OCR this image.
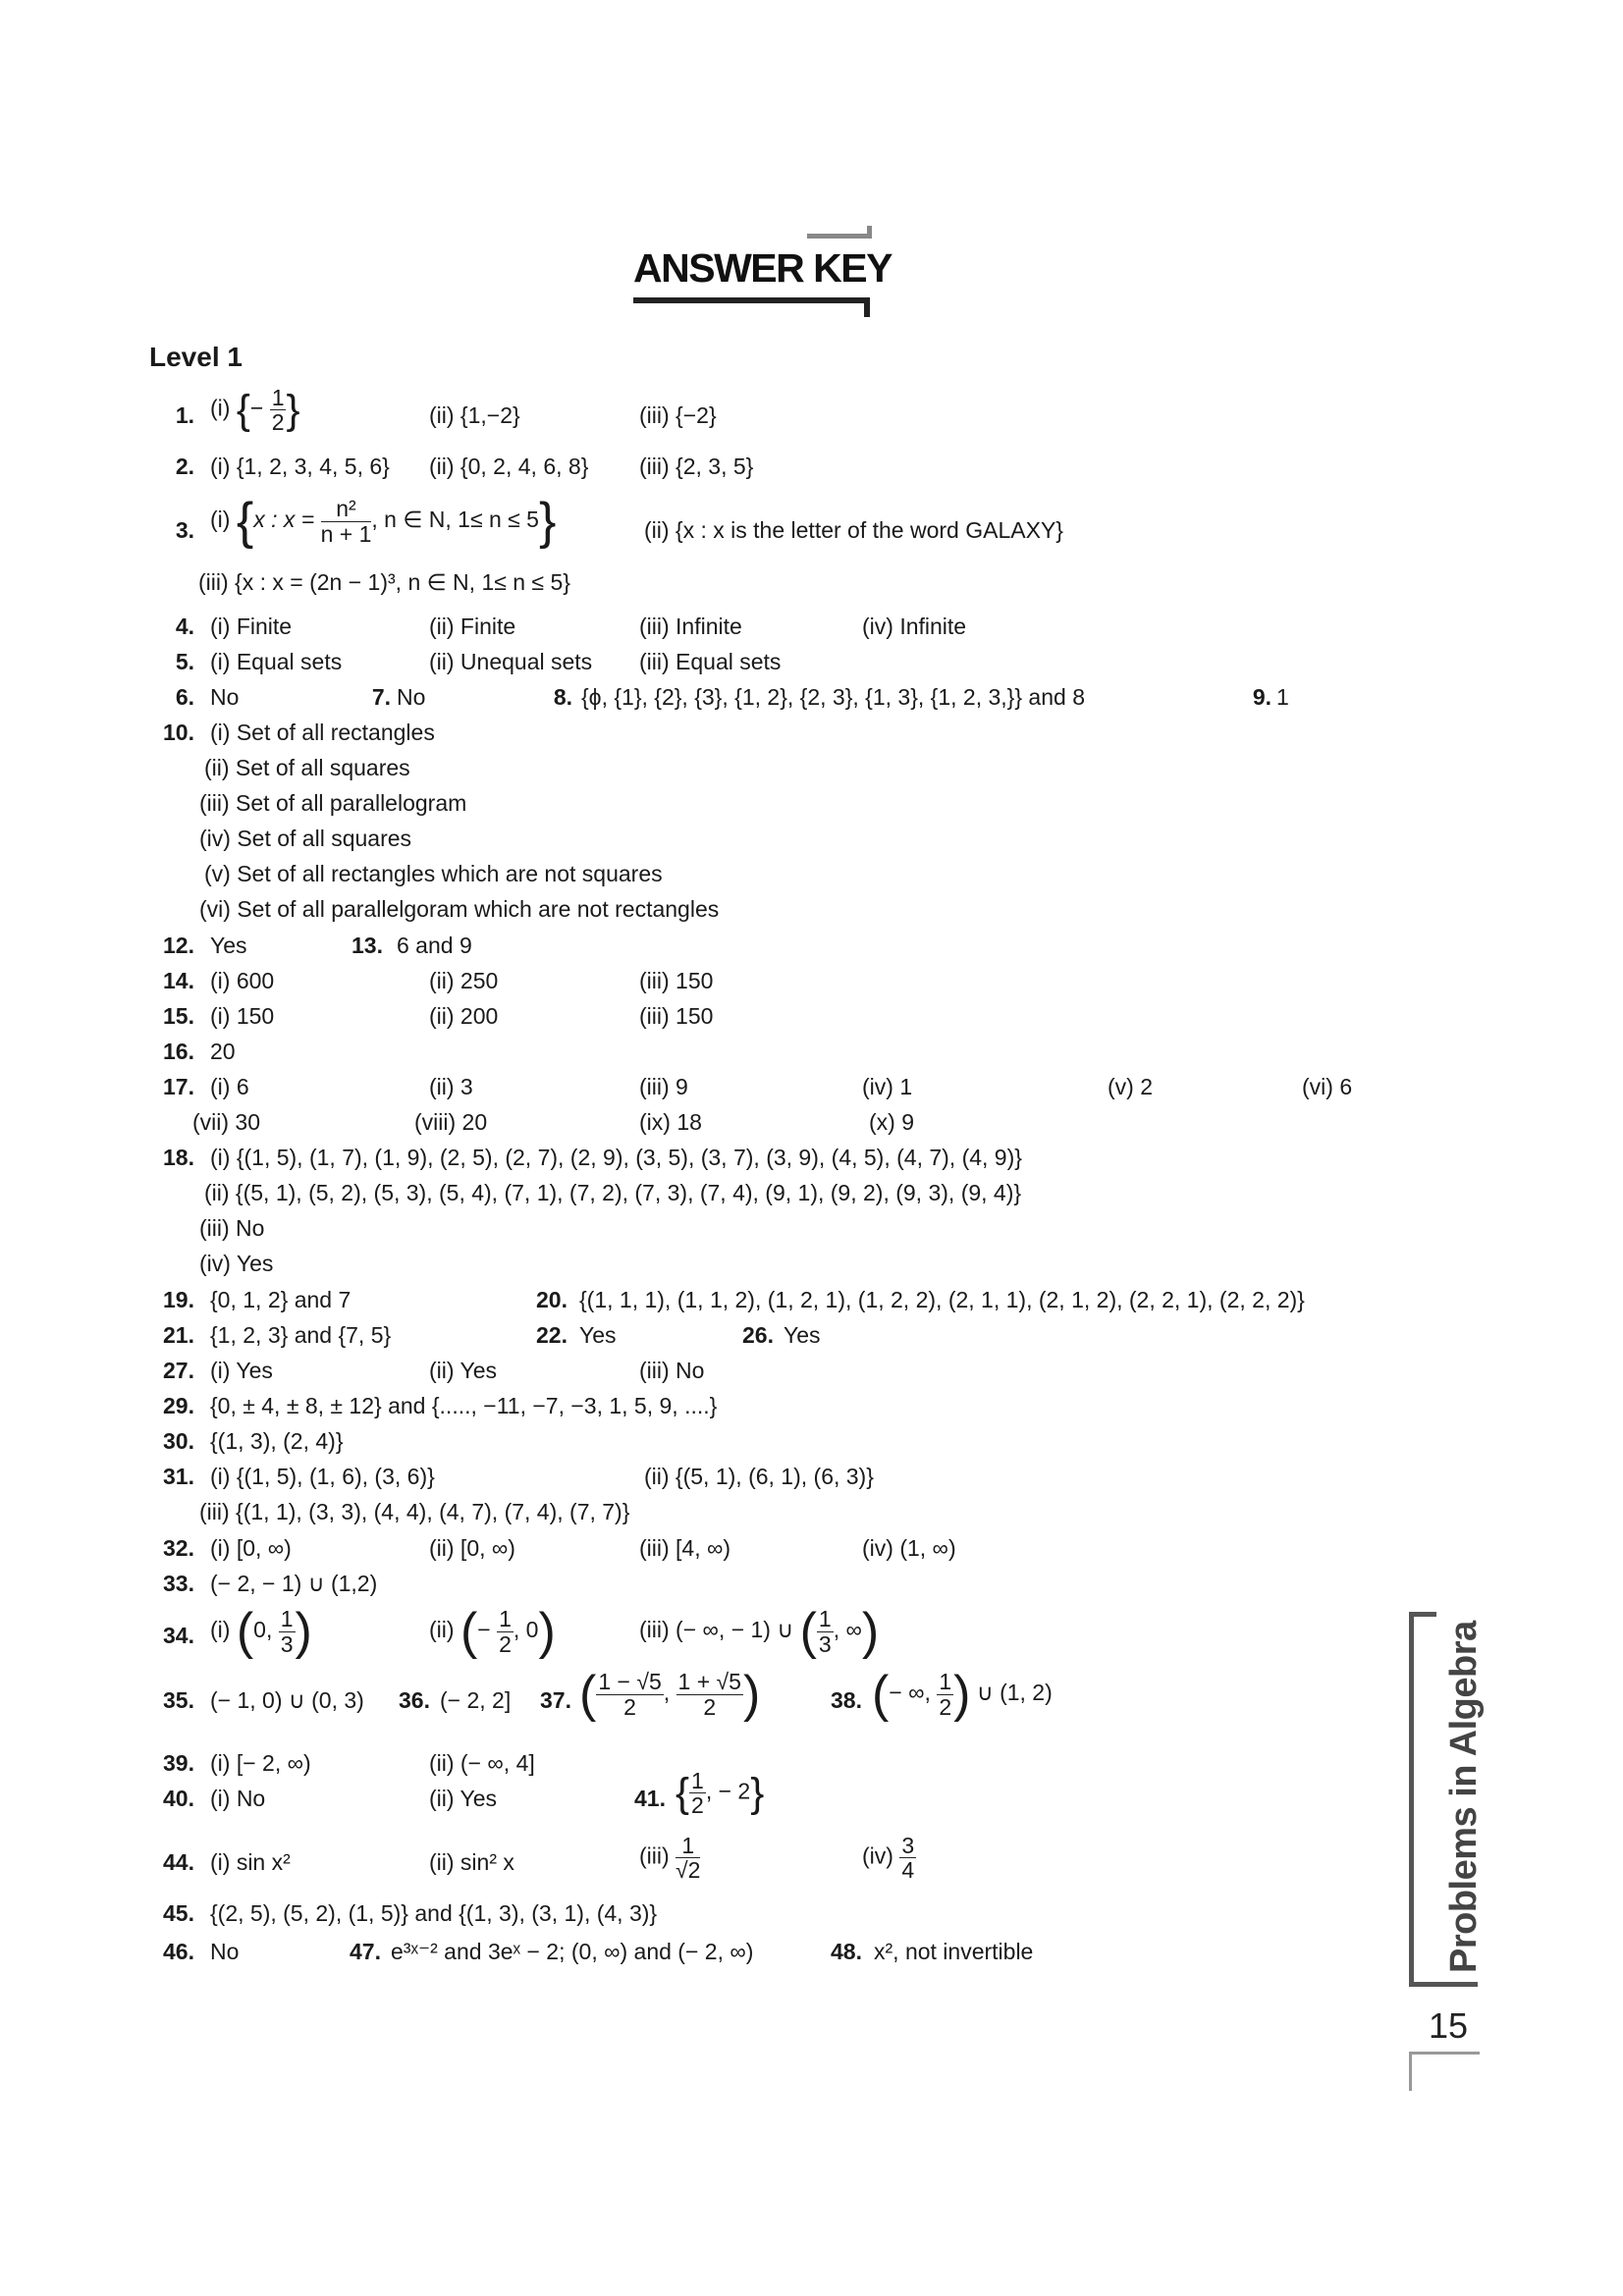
ANSWER KEY
Level 1
1. (i) {− $\frac{1}{2}$ }	(ii) {1,−2}	(iii) {−2}
2. (i) {1, 2, 3, 4, 5, 6} (ii) {0, 2, 4, 6, 8} (iii) {2, 3, 5}
3. (i) {x : $x = \frac{\text{n²}}{n + 1}$ , n ∈ N, 1≤ n ≤ 5}	(ii) {x : x is the letter of the word GALAXY}
(iii) {x : x = (2n − 1)³, n ∈ N, 1≤ n ≤ 5}
4. (i) Finite	(ii) Finite	(iii) Infinite	(iv) Infinite
5. (i) Equal sets	(ii) Unequal sets (iii) Equal sets
6. No	7. No	8. {ϕ, {1}, {2}, {3}, {1, 2}, {2, 3}, {1, 3}, {1, 2, 3,}} and 8	9. 1
10. (i) Set of all rectangles
(ii) Set of all squares
(iii) Set of all parallelogram
(iv) Set of all squares
(v) Set of all rectangles which are not squares
(vi) Set of all parallelgoram which are not rectangles
12. Yes	13. 6 and 9
14. (i) 600	(ii) 250	(iii) 150
15. (i) 150	(ii) 200	(iii) 150
16. 20
17. (i) 6	(ii) 3	(iii) 9	(iv) 1	(v) 2	(vi) 6
(vii) 30	(viii) 20	(ix) 18	(x) 9
18. (i) {(1, 5), (1, 7), (1, 9), (2, 5), (2, 7), (2, 9), (3, 5), (3, 7), (3, 9), (4, 5), (4, 7), (4, 9)}
(ii) {(5, 1), (5, 2), (5, 3), (5, 4), (7, 1), (7, 2), (7, 3), (7, 4), (9, 1), (9, 2), (9, 3), (9, 4)}
(iii) No
(iv) Yes
19. {0, 1, 2} and 7	20. {(1, 1, 1), (1, 1, 2), (1, 2, 1), (1, 2, 2), (2, 1, 1), (2, 1, 2), (2, 2, 1), (2, 2, 2)}
21. {1, 2, 3} and {7, 5}	22. Yes	26. Yes
27. (i) Yes	(ii) Yes	(iii) No
29. {0, ± 4, ± 8, ± 12} and {....., −11, −7, −3, 1, 5, 9, ....}
30. {(1, 3), (2, 4)}
31. (i) {(1, 5), (1, 6), (3, 6)}	(ii) {(5, 1), (6, 1), (6, 3)}
(iii) {(1, 1), (3, 3), (4, 4), (4, 7), (7, 4), (7, 7)}
32. (i) [0, ∞)	(ii) [0, ∞)	(iii) [4, ∞)	(iv) (1, ∞)
33. (− 2, − 1) ∪ (1,2)
34. (i) (0, $\frac{1}{3}$ )	(ii) (− $\frac{1}{2}$ , 0)	(iii) (− ∞, − 1) ∪ ( $\frac{1}{3}$ , ∞)
35. (− 1, 0) ∪ (0, 3) 36. (− 2, 2] 37. ( $\frac{1 - √5}{2}$ , $\frac{1 + √5}{2}$ )	38. (− ∞, $\frac{1}{2}$ ) ∪ (1, 2)
39. (i) [− 2, ∞)	(ii) (− ∞, 4]
40. (i) No	(ii) Yes	41. { $\frac{1}{2}$ , − 2}
44. (i) sin x²	(ii) sin² x	$(iii) \frac{1}{√2}$	$(iv) \frac{3}{4}$
45. {(2, 5), (5, 2), (1, 5)} and {(1, 3), (3, 1), (4, 3)}
46. No	47. e³ˣ⁻² and 3eˣ − 2; (0, ∞) and (− 2, ∞)	48. x², not invertible	Problems in Algebra
15
